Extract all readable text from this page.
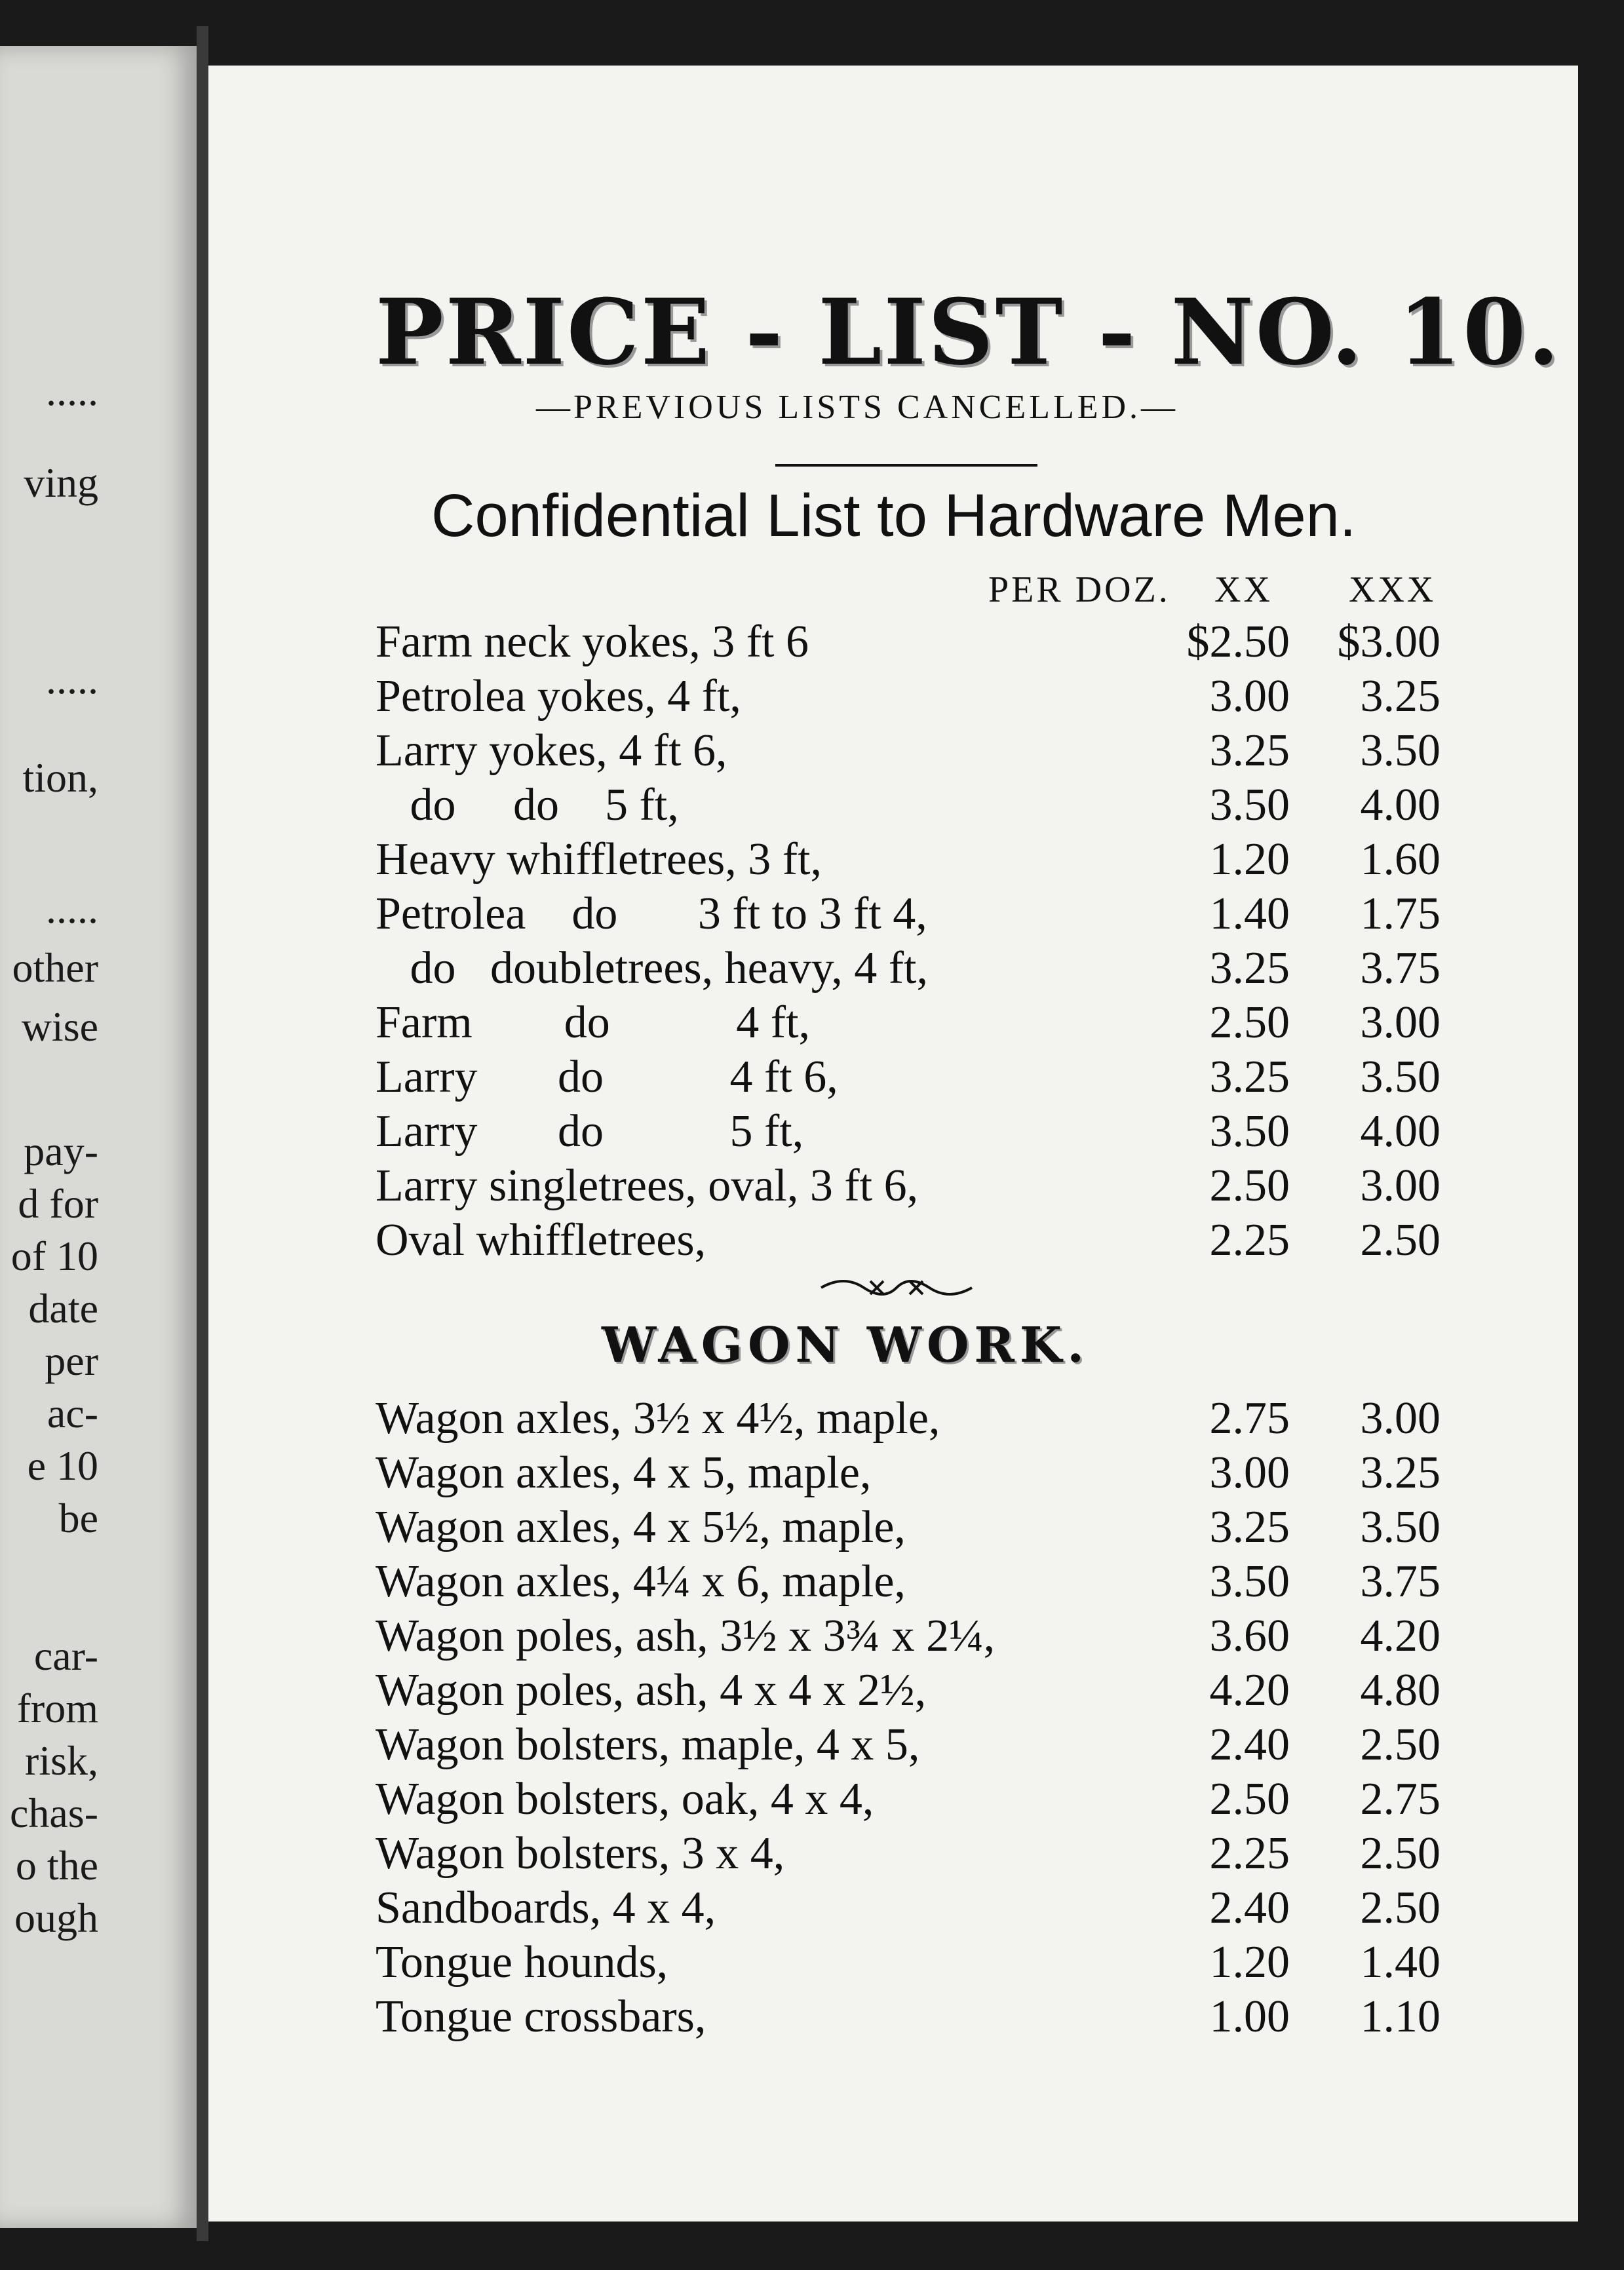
.....
ving
.....
tion,
.....
other
wise
pay-
d for
of 10
date
per
ac-
e 10
be
car-
from
risk,
chas-
o the
ough
PRICE - LIST - NO. 10.
—PREVIOUS LISTS CANCELLED.—
Confidential List to Hardware Men.
PER DOZ. XX XXX
Farm neck yokes, 3 ft 6	$2.50	$3.00
Petrolea yokes, 4 ft,	3.00	3.25
Larry yokes, 4 ft 6,	3.25	3.50
do     do    5 ft,	3.50	4.00
Heavy whiffletrees, 3 ft,	1.20	1.60
Petrolea    do       3 ft to 3 ft 4,	1.40	1.75
do   doubletrees, heavy, 4 ft,	3.25	3.75
Farm        do           4 ft,	2.50	3.00
Larry       do           4 ft 6,	3.25	3.50
Larry       do           5 ft,	3.50	4.00
Larry singletrees, oval, 3 ft 6,	2.50	3.00
Oval whiffletrees,	2.25	2.50
WAGON WORK.
Wagon axles, 3½ x 4½, maple,	2.75	3.00
Wagon axles, 4 x 5, maple,	3.00	3.25
Wagon axles, 4 x 5½, maple,	3.25	3.50
Wagon axles, 4¼ x 6, maple,	3.50	3.75
Wagon poles, ash, 3½ x 3¾ x 2¼,	3.60	4.20
Wagon poles, ash, 4 x 4 x 2½,	4.20	4.80
Wagon bolsters, maple, 4 x 5,	2.40	2.50
Wagon bolsters, oak, 4 x 4,	2.50	2.75
Wagon bolsters, 3 x 4,	2.25	2.50
Sandboards, 4 x 4,	2.40	2.50
Tongue hounds,	1.20	1.40
Tongue crossbars,	1.00	1.10
